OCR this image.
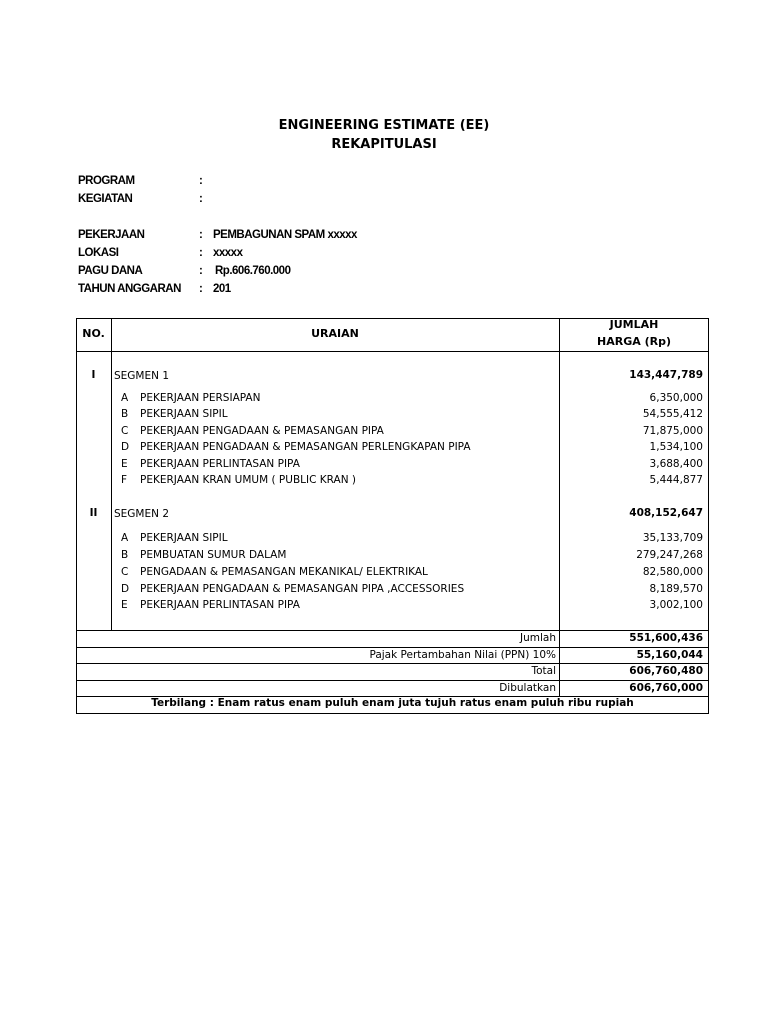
ENGINEERING ESTIMATE (EE)
REKAPITULASI
PROGRAM	:
KEGIATAN	:
PEKERJAAN	: PEMBAGUNAN SPAM xxxxx
LOKASI	: xxxxx
PAGU DANA	: Rp.606.760.000
TAHUN ANGGARAN : 201
NO.	URAIAN
JUMLAH
HARGA (Rp)
I	SEGMEN 1	143,447,789
A PEKERJAAN PERSIAPAN	6,350,000
B PEKERJAAN SIPIL	54,555,412
C PEKERJAAN PENGADAAN & PEMASANGAN PIPA	71,875,000
D PEKERJAAN PENGADAAN & PEMASANGAN PERLENGKAPAN PIPA	1,534,100
E PEKERJAAN PERLINTASAN PIPA	3,688,400
F PEKERJAAN KRAN UMUM ( PUBLIC KRAN )	5,444,877
II	SEGMEN 2	408,152,647
A PEKERJAAN SIPIL	35,133,709
B PEMBUATAN SUMUR DALAM	279,247,268
C PENGADAAN & PEMASANGAN MEKANIKAL/ ELEKTRIKAL	82,580,000
D PEKERJAAN PENGADAAN & PEMASANGAN PIPA ,ACCESSORIES	8,189,570
E PEKERJAAN PERLINTASAN PIPA	3,002,100
Jumlah	551,600,436
Pajak Pertambahan Nilai (PPN) 10%	55,160,044
Total	606,760,480
Dibulatkan	606,760,000
Terbilang : Enam ratus enam puluh enam juta tujuh ratus enam puluh ribu rupiah
